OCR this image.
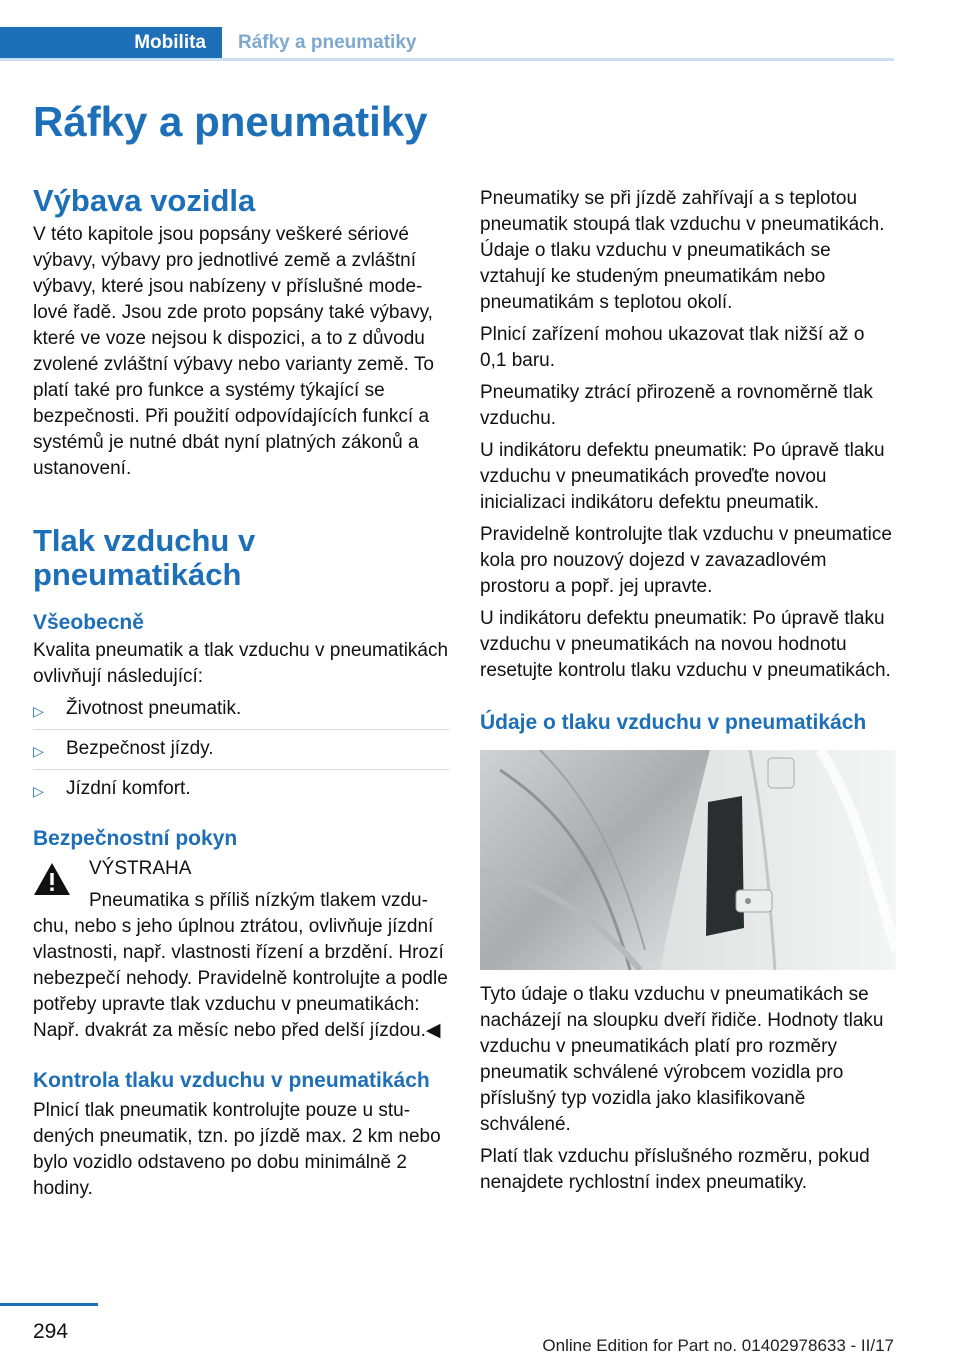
Mobilita Ráfky a pneumatiky
Ráfky a pneumatiky
Výbava vozidla

V této kapitole jsou popsány veškeré sériové výbavy, výbavy pro jednotlivé země a zvláštní výbavy, které jsou nabízeny v příslušné modelové řadě. Jsou zde proto popsány také výbavy, které ve voze nejsou k dispozici, a to z důvodu zvolené zvláštní výbavy nebo varianty země. To platí také pro funkce a systémy týkající se bezpečnosti. Při použití odpovídajících funkcí a systémů je nutné dbát nyní platných zákonů a ustanovení.

Tlak vzduchu v pneumatikách
Všeobecně

Kvalita pneumatik a tlak vzduchu v pneumatikách ovlivňují následující:

▷ Životnost pneumatik.
▷ Bezpečnost jízdy.
▷ Jízdní komfort.
Bezpečnostní pokyn

VÝSTRAHA

Pneumatika s příliš nízkým tlakem vzduchu, nebo s jeho úplnou ztrátou, ovlivňuje jízdní vlastnosti, např. vlastnosti řízení a brzdění. Hrozí nebezpečí nehody. Pravidelně kontrolujte a podle potřeby upravte tlak vzduchu v pneumatikách: Např. dvakrát za měsíc nebo před delší jízdou.◀

Kontrola tlaku vzduchu v pneumatikách

Plnicí tlak pneumatik kontrolujte pouze u studených pneumatik, tzn. po jízdě max. 2 km nebo bylo vozidlo odstaveno po dobu minimálně 2 hodiny.

Pneumatiky se při jízdě zahřívají a s teplotou pneumatik stoupá tlak vzduchu v pneumatikách. Údaje o tlaku vzduchu v pneumatikách se vztahují ke studeným pneumatikám nebo pneumatikám s teplotou okolí.

Plnicí zařízení mohou ukazovat tlak nižší až o 0,1 baru.

Pneumatiky ztrácí přirozeně a rovnoměrně tlak vzduchu.

U indikátoru defektu pneumatik: Po úpravě tlaku vzduchu v pneumatikách proveďte novou inicializaci indikátoru defektu pneumatik.

Pravidelně kontrolujte tlak vzduchu v pneumatice kola pro nouzový dojezd v zavazadlovém prostoru a popř. jej upravte.

U indikátoru defektu pneumatik: Po úpravě tlaku vzduchu v pneumatikách na novou hodnotu resetujte kontrolu tlaku vzduchu v pneumatikách.

Údaje o tlaku vzduchu v pneumatikách

Tyto údaje o tlaku vzduchu v pneumatikách se nacházejí na sloupku dveří řidiče. Hodnoty tlaku vzduchu v pneumatikách platí pro rozměry pneumatik schválené výrobcem vozidla pro příslušný typ vozidla jako klasifikovaně schválené.

Platí tlak vzduchu příslušného rozměru, pokud nenajdete rychlostní index pneumatiky.

294
Online Edition for Part no. 01402978633 - II/17
